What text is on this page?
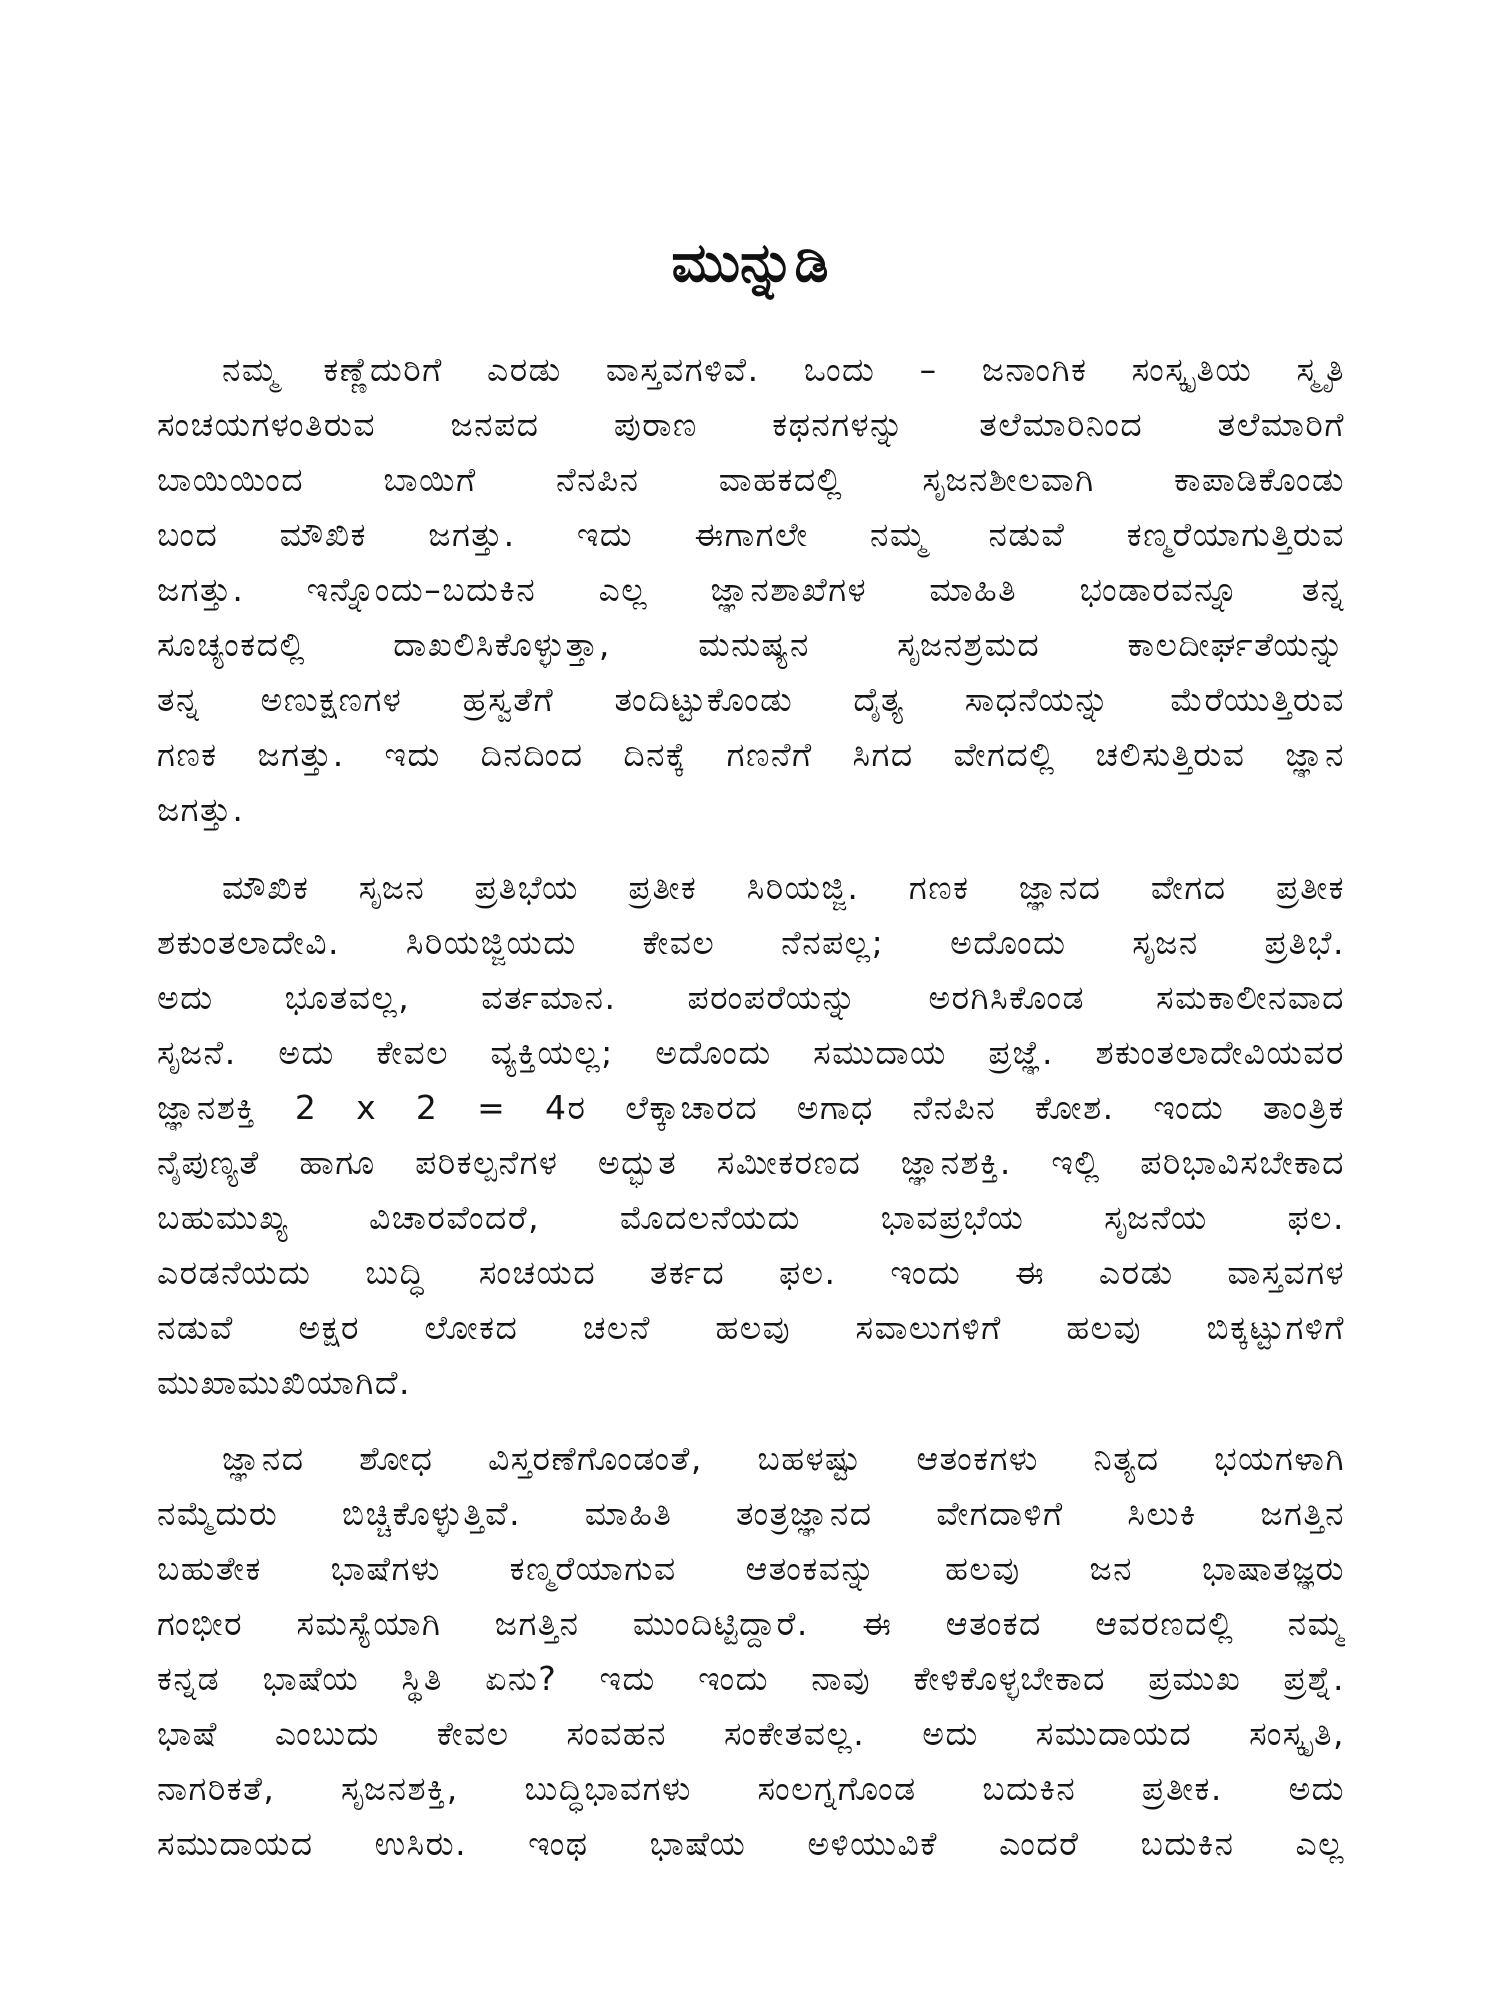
ಮುನ್ನುಡಿ
ನಮ್ಮ ಕಣ್ಣೆದುರಿಗೆ ಎರಡು ವಾಸ್ತವಗಳಿವೆ. ಒಂದು – ಜನಾಂಗಿಕ ಸಂಸ್ಕೃತಿಯ ಸ್ಮೃತಿ
ಸಂಚಯಗಳಂತಿರುವ ಜನಪದ ಪುರಾಣ ಕಥನಗಳನ್ನು ತಲೆಮಾರಿನಿಂದ ತಲೆಮಾರಿಗೆ
ಬಾಯಿಯಿಂದ ಬಾಯಿಗೆ ನೆನಪಿನ ವಾಹಕದಲ್ಲಿ ಸೃಜನಶೀಲವಾಗಿ ಕಾಪಾಡಿಕೊಂಡು
ಬಂದ ಮೌಖಿಕ ಜಗತ್ತು. ಇದು ಈಗಾಗಲೇ ನಮ್ಮ ನಡುವೆ ಕಣ್ಮರೆಯಾಗುತ್ತಿರುವ
ಜಗತ್ತು. ಇನ್ನೊಂದು–ಬದುಕಿನ ಎಲ್ಲ ಜ್ಞಾನಶಾಖೆಗಳ ಮಾಹಿತಿ ಭಂಡಾರವನ್ನೂ ತನ್ನ
ಸೂಚ್ಯಂಕದಲ್ಲಿ ದಾಖಲಿಸಿಕೊಳ್ಳುತ್ತಾ, ಮನುಷ್ಯನ ಸೃಜನಶ್ರಮದ ಕಾಲದೀರ್ಘತೆಯನ್ನು
ತನ್ನ ಅಣುಕ್ಷಣಗಳ ಹ್ರಸ್ವತೆಗೆ ತಂದಿಟ್ಟುಕೊಂಡು ದೈತ್ಯ ಸಾಧನೆಯನ್ನು ಮೆರೆಯುತ್ತಿರುವ
ಗಣಕ ಜಗತ್ತು. ಇದು ದಿನದಿಂದ ದಿನಕ್ಕೆ ಗಣನೆಗೆ ಸಿಗದ ವೇಗದಲ್ಲಿ ಚಲಿಸುತ್ತಿರುವ ಜ್ಞಾನ
ಜಗತ್ತು.
ಮೌಖಿಕ ಸೃಜನ ಪ್ರತಿಭೆಯ ಪ್ರತೀಕ ಸಿರಿಯಜ್ಜಿ. ಗಣಕ ಜ್ಞಾನದ ವೇಗದ ಪ್ರತೀಕ
ಶಕುಂತಲಾದೇವಿ. ಸಿರಿಯಜ್ಜಿಯದು ಕೇವಲ ನೆನಪಲ್ಲ; ಅದೊಂದು ಸೃಜನ ಪ್ರತಿಭೆ.
ಅದು ಭೂತವಲ್ಲ, ವರ್ತಮಾನ. ಪರಂಪರೆಯನ್ನು ಅರಗಿಸಿಕೊಂಡ ಸಮಕಾಲೀನವಾದ
ಸೃಜನೆ. ಅದು ಕೇವಲ ವ್ಯಕ್ತಿಯಲ್ಲ; ಅದೊಂದು ಸಮುದಾಯ ಪ್ರಜ್ಞೆ. ಶಕುಂತಲಾದೇವಿಯವರ
ಜ್ಞಾನಶಕ್ತಿ 2 x 2 = 4ರ ಲೆಕ್ಕಾಚಾರದ ಅಗಾಧ ನೆನಪಿನ ಕೋಶ. ಇಂದು ತಾಂತ್ರಿಕ
ನೈಪುಣ್ಯತೆ ಹಾಗೂ ಪರಿಕಲ್ಪನೆಗಳ ಅದ್ಭುತ ಸಮೀಕರಣದ ಜ್ಞಾನಶಕ್ತಿ. ಇಲ್ಲಿ ಪರಿಭಾವಿಸಬೇಕಾದ
ಬಹುಮುಖ್ಯ ವಿಚಾರವೆಂದರೆ, ಮೊದಲನೆಯದು ಭಾವಪ್ರಭೆಯ ಸೃಜನೆಯ ಫಲ.
ಎರಡನೆಯದು ಬುದ್ಧಿ ಸಂಚಯದ ತರ್ಕದ ಫಲ. ಇಂದು ಈ ಎರಡು ವಾಸ್ತವಗಳ
ನಡುವೆ ಅಕ್ಷರ ಲೋಕದ ಚಲನೆ ಹಲವು ಸವಾಲುಗಳಿಗೆ ಹಲವು ಬಿಕ್ಕಟ್ಟುಗಳಿಗೆ
ಮುಖಾಮುಖಿಯಾಗಿದೆ.
ಜ್ಞಾನದ ಶೋಧ ವಿಸ್ತರಣೆಗೊಂಡಂತೆ, ಬಹಳಷ್ಟು ಆತಂಕಗಳು ನಿತ್ಯದ ಭಯಗಳಾಗಿ
ನಮ್ಮೆದುರು ಬಿಚ್ಚಿಕೊಳ್ಳುತ್ತಿವೆ. ಮಾಹಿತಿ ತಂತ್ರಜ್ಞಾನದ ವೇಗದಾಳಿಗೆ ಸಿಲುಕಿ ಜಗತ್ತಿನ
ಬಹುತೇಕ ಭಾಷೆಗಳು ಕಣ್ಮರೆಯಾಗುವ ಆತಂಕವನ್ನು ಹಲವು ಜನ ಭಾಷಾತಜ್ಞರು
ಗಂಭೀರ ಸಮಸ್ಯೆಯಾಗಿ ಜಗತ್ತಿನ ಮುಂದಿಟ್ಟಿದ್ದಾರೆ. ಈ ಆತಂಕದ ಆವರಣದಲ್ಲಿ ನಮ್ಮ
ಕನ್ನಡ ಭಾಷೆಯ ಸ್ಥಿತಿ ಏನು? ಇದು ಇಂದು ನಾವು ಕೇಳಿಕೊಳ್ಳಬೇಕಾದ ಪ್ರಮುಖ ಪ್ರಶ್ನೆ.
ಭಾಷೆ ಎಂಬುದು ಕೇವಲ ಸಂವಹನ ಸಂಕೇತವಲ್ಲ. ಅದು ಸಮುದಾಯದ ಸಂಸ್ಕೃತಿ,
ನಾಗರಿಕತೆ, ಸೃಜನಶಕ್ತಿ, ಬುದ್ಧಿಭಾವಗಳು ಸಂಲಗ್ನಗೊಂಡ ಬದುಕಿನ ಪ್ರತೀಕ. ಅದು
ಸಮುದಾಯದ ಉಸಿರು. ಇಂಥ ಭಾಷೆಯ ಅಳಿಯುವಿಕೆ ಎಂದರೆ ಬದುಕಿನ ಎಲ್ಲ
